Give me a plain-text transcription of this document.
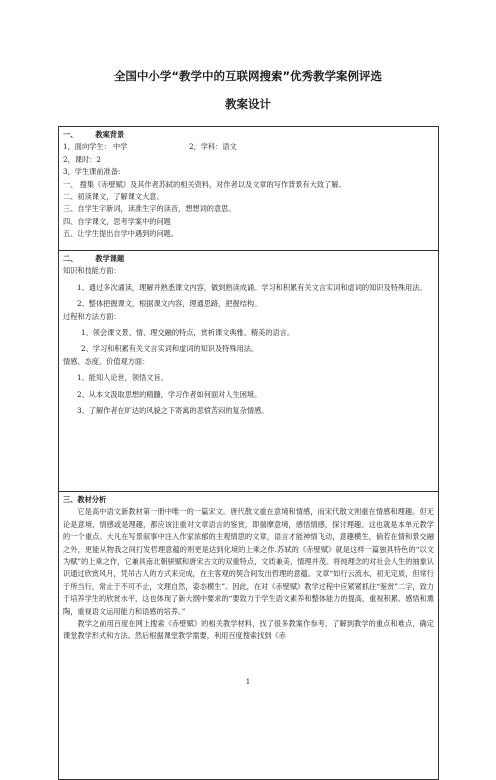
全国中小学“教学中的互联网搜索”优秀教学案例评选
教案设计
一、	教案背景
1，面向学生： 中学	2，学科：语文
2，课时：2
3，学生课前准备:
一、 搜集《赤壁赋》及其作者苏轼的相关资料，对作者以及文章的写作背景有大致了解。
二、初读课文，了解课文大意。
三、自学生字新词，读准生字的读音，想想词的意思。
四、自学课文，思考学案中的问题
五、让学生提出自学中遇到的问题。

二、	教学课题
知识和技能方面：
1、通过多次诵读，理解并熟悉课文内容，做到熟读成诵。学习和积累有关文言实词和虚词的知识及特殊用法。
2、整体把握课文，根据课文内容，理通思路，把握结构。
过程和方法方面：
1、领会课文景、情、理交融的特点，赏析课文典雅、精美的语言。
2、学习和积累有关文言实词和虚词的知识及特殊用法。
情感、态度、价值观方面：
1、能知人论世，领悟文旨。
2、从本文汲取思想的精髓，学习作者如何面对人生困境。
3、了解作者在旷达的风貌之下寄寓的悲愤苦闷的复杂情感。

三、教材分析
它是高中语文新教材第一册中唯一的一篇宋文。唐代散文重在意境和情感，而宋代散文则重在情感和理趣。但无论是意境、情感或是理趣，都应该注重对文章语言的鉴赏，即揣摩意境，感悟情感，探讨理趣。这也就是本单元教学的一个重点。大凡在写景叙事中注入作家浓郁的主观情思的文章，语言才能神情飞动，意趣横生，倘若在情和景交融之外，更能从物我之间打发哲理意蕴的则更是达到化境的上乘之作.苏轼的《赤壁赋》就是这样一篇独具特色的“以文为赋”的上乘之作，它兼具南北朝骈赋和唐宋古文的双重特点，文质兼美，情理并茂。将纯理念的对社会人生的抽象认识通过欣赏风月，凭吊古人的方式来完成，在主客观的契合间发出哲理的意蕴。文章“如行云流水，初无定质，但常行于所当行，常止于不可不止，文理自然，姿态横生”。因此，在对《赤壁赋》教学过程中应紧紧抓住“鉴赏”二字，致力于培养学生的欣赏水平，这也体现了新大纲中要求的“要致力于学生语文素养和整体能力的提高，重视积累、感悟和熏陶，重视语文运用能力和语感的培养。”
教学之前用百度在网上搜索《赤壁赋》的相关教学材料，找了很多教案作参考，了解到教学的重点和难点，确定课堂教学形式和方法。然后根据课堂教学需要，利用百度搜索找到《赤
1
